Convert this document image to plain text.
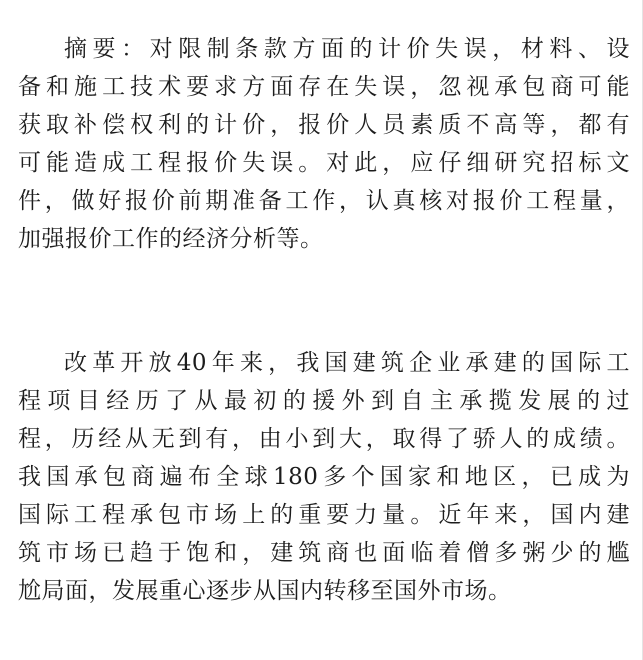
摘要：对限制条款方面的计价失误，材料、设
备和施工技术要求方面存在失误，忽视承包商可能
获取补偿权利的计价，报价人员素质不高等，都有
可能造成工程报价失误。对此，应仔细研究招标文
件，做好报价前期准备工作，认真核对报价工程量，
加强报价工作的经济分析等。
改革开放40年来，我国建筑企业承建的国际工
程项目经历了从最初的援外到自主承揽发展的过
程，历经从无到有，由小到大，取得了骄人的成绩。
我国承包商遍布全球180多个国家和地区，已成为
国际工程承包市场上的重要力量。近年来，国内建
筑市场已趋于饱和，建筑商也面临着僧多粥少的尴
尬局面，发展重心逐步从国内转移至国外市场。
